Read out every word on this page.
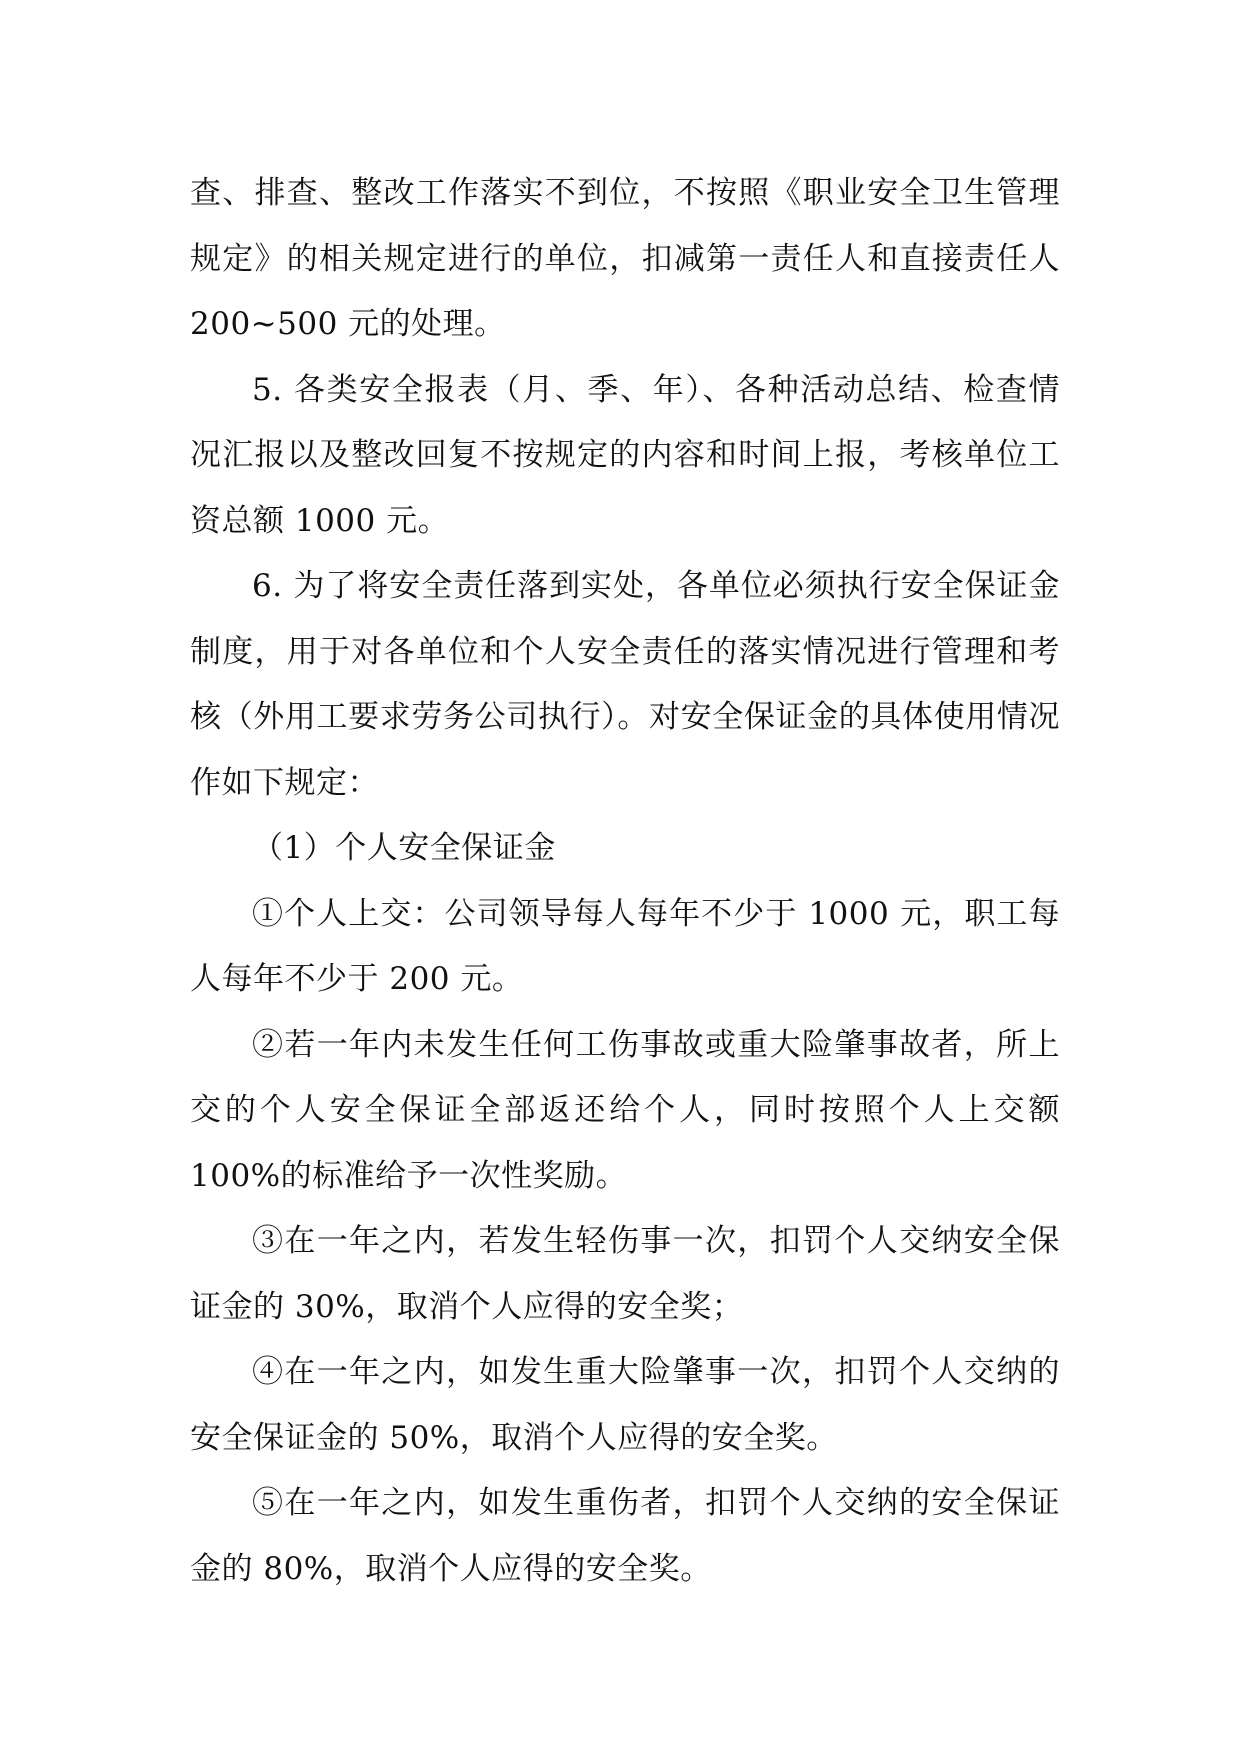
查、排查、整改工作落实不到位，不按照《职业安全卫生管理规定》的相关规定进行的单位，扣减第一责任人和直接责任人 200~500 元的处理。

5. 各类安全报表（月、季、年）、各种活动总结、检查情况汇报以及整改回复不按规定的内容和时间上报，考核单位工资总额 1000 元。

6. 为了将安全责任落到实处，各单位必须执行安全保证金制度，用于对各单位和个人安全责任的落实情况进行管理和考核（外用工要求劳务公司执行）。对安全保证金的具体使用情况作如下规定：

（1）个人安全保证金

①个人上交：公司领导每人每年不少于 1000 元，职工每人每年不少于 200 元。

②若一年内未发生任何工伤事故或重大险肇事故者，所上交的个人安全保证全部返还给个人，同时按照个人上交额 100%的标准给予一次性奖励。

③在一年之内，若发生轻伤事一次，扣罚个人交纳安全保证金的 30%，取消个人应得的安全奖；

④在一年之内，如发生重大险肇事一次，扣罚个人交纳的安全保证金的 50%，取消个人应得的安全奖。

⑤在一年之内，如发生重伤者，扣罚个人交纳的安全保证金的 80%，取消个人应得的安全奖。
